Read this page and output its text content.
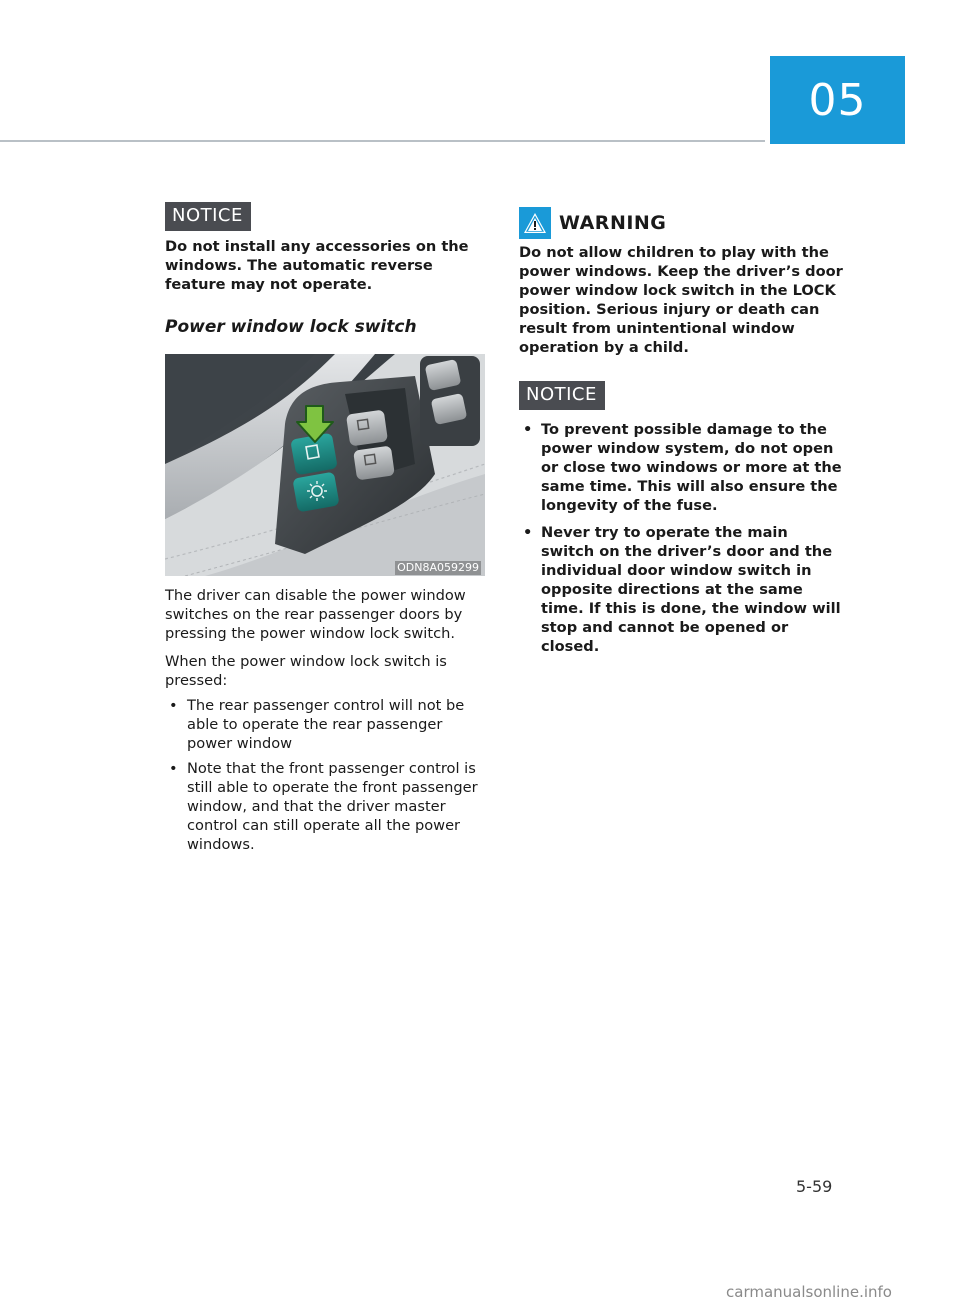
05
NOTICE

Do not install any accessories on the windows. The automatic reverse feature may not operate.

Power window lock switch
ODN8A059299

The driver can disable the power window switches on the rear passenger doors by pressing the power window lock switch.

When the power window lock switch is pressed:

• The rear passenger control will not be able to operate the rear passenger power window
• Note that the front passenger control is still able to operate the front passenger window, and that the driver master control can still operate all the power windows.
WARNING

Do not allow children to play with the power windows. Keep the driver’s door power window lock switch in the LOCK position. Serious injury or death can result from unintentional window operation by a child.

NOTICE
• To prevent possible damage to the power window system, do not open or close two windows or more at the same time. This will also ensure the longevity of the fuse.
• Never try to operate the main switch on the driver’s door and the individual door window switch in opposite directions at the same time. If this is done, the window will stop and cannot be opened or closed.
5-59
carmanualsonline.info
